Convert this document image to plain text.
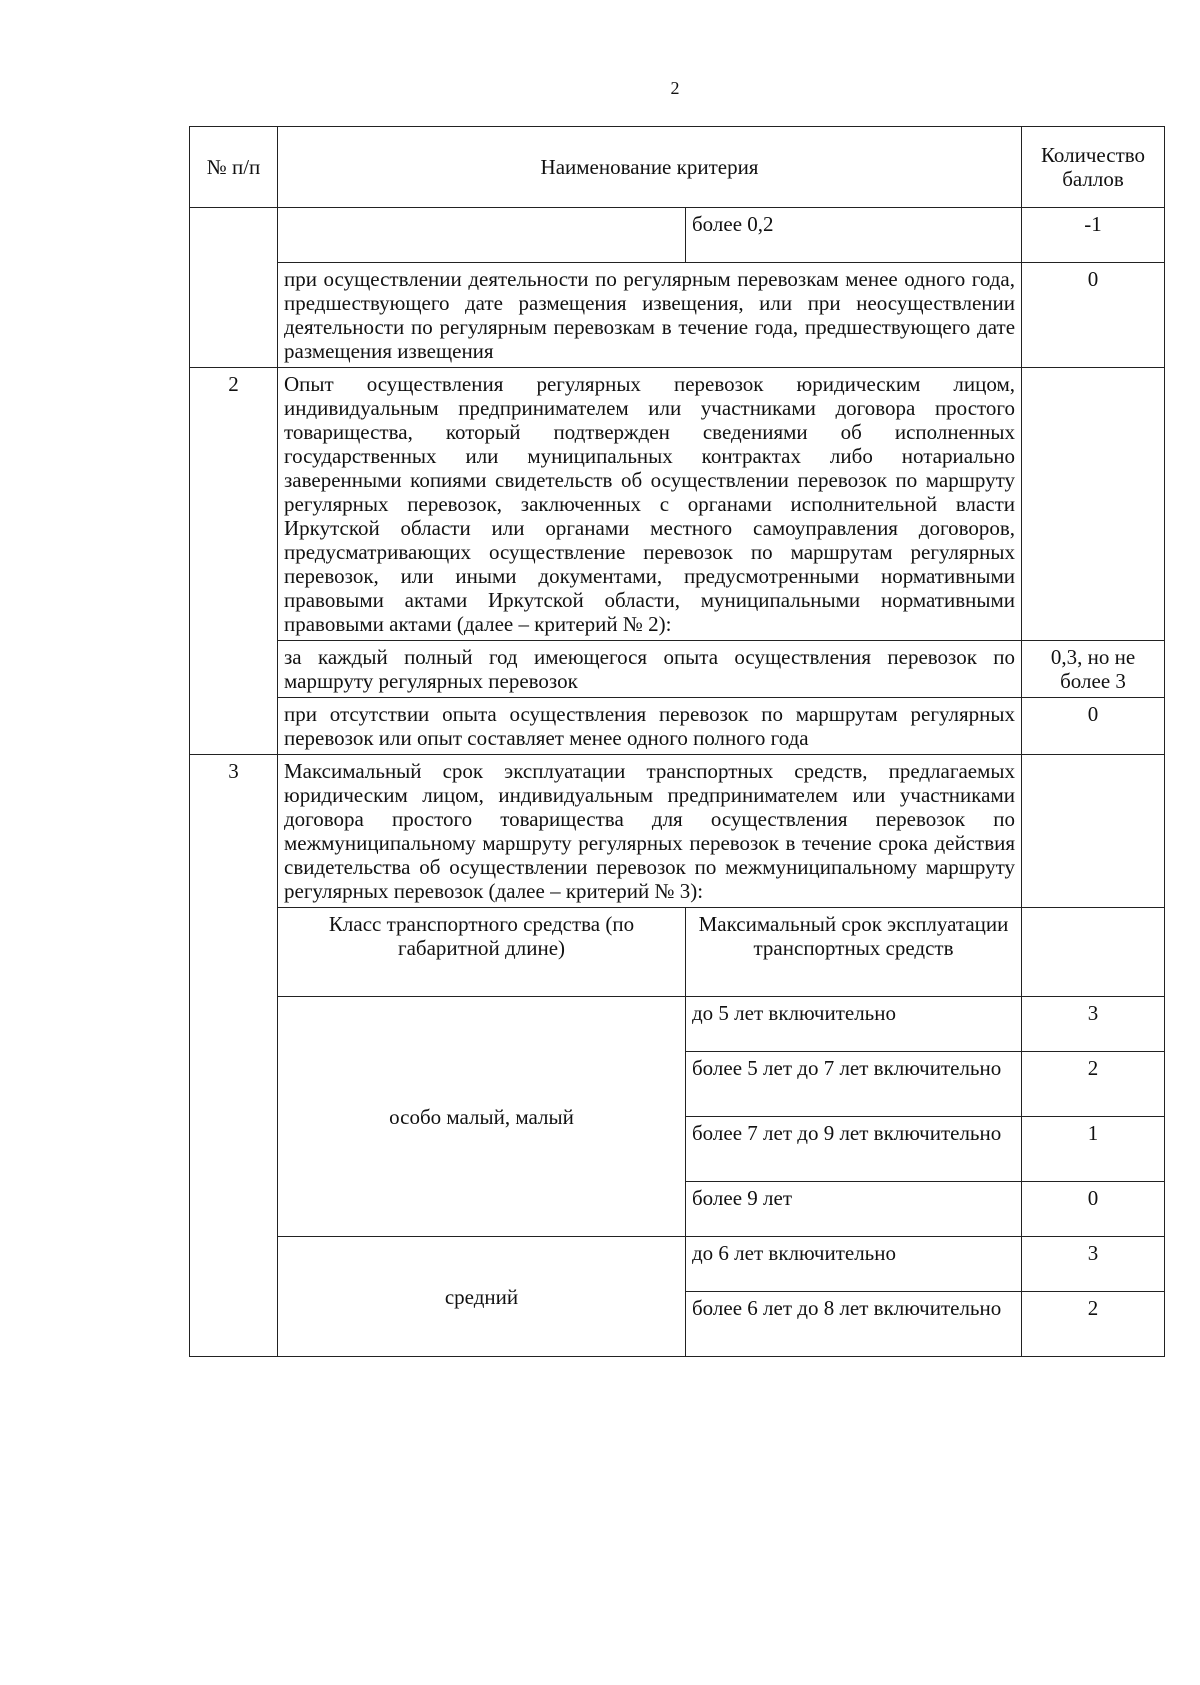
2
№ п/п	Наименование критерия		Количество баллов
		более 0,2	-1
	при осуществлении деятельности по регулярным перевозкам менее одного года, предшествующего дате размещения извещения, или при неосуществлении деятельности по регулярным перевозкам в течение года, предшествующего дате размещения извещения		0
2	Опыт осуществления регулярных перевозок юридическим лицом, индивидуальным предпринимателем или участниками договора простого товарищества, который подтвержден сведениями об исполненных государственных или муниципальных контрактах либо нотариально заверенными копиями свидетельств об осуществлении перевозок по маршруту регулярных перевозок, заключенных с органами исполнительной власти Иркутской области или органами местного самоуправления договоров, предусматривающих осуществление перевозок по маршрутам регулярных перевозок, или иными документами, предусмотренными нормативными правовыми актами Иркутской области, муниципальными нормативными правовыми актами (далее – критерий № 2):		
	за каждый полный год имеющегося опыта осуществления перевозок по маршруту регулярных перевозок		0,3, но не более 3
	при отсутствии опыта осуществления перевозок по маршрутам регулярных перевозок или опыт составляет менее одного полного года		0
3	Максимальный срок эксплуатации транспортных средств, предлагаемых юридическим лицом, индивидуальным предпринимателем или участниками договора простого товарищества для осуществления перевозок по межмуниципальному маршруту регулярных перевозок в течение срока действия свидетельства об осуществлении перевозок по межмуниципальному маршруту регулярных перевозок (далее – критерий № 3):		
	Класс транспортного средства (по габаритной длине)	Максимальный срок эксплуатации транспортных средств	
	особо малый, малый	до 5 лет включительно	3
		более 5 лет до 7 лет включительно	2
		более 7 лет до 9 лет включительно	1
		более 9 лет	0
	средний	до 6 лет включительно	3
		более 6 лет до 8 лет включительно	2
